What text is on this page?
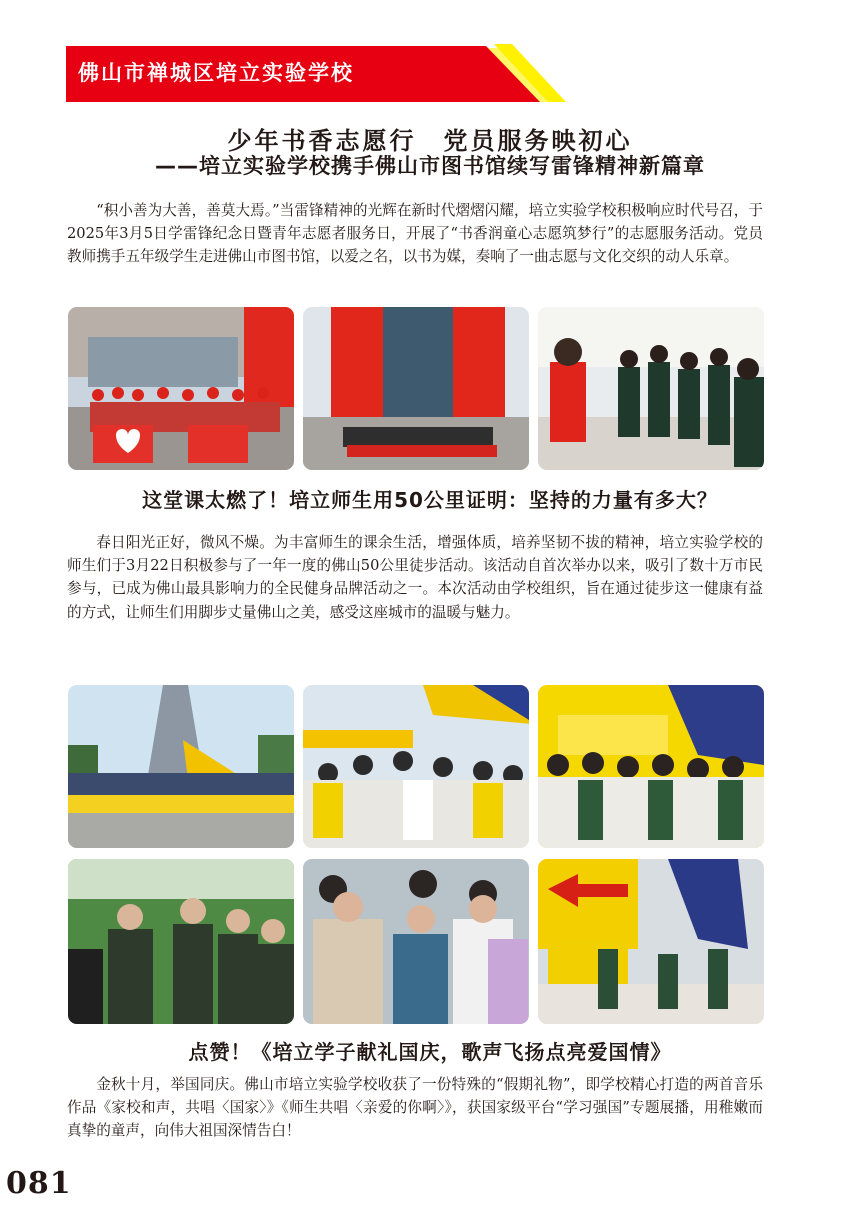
佛山市禅城区培立实验学校
少年书香志愿行　党员服务映初心
——培立实验学校携手佛山市图书馆续写雷锋精神新篇章

“积小善为大善，善莫大焉。”当雷锋精神的光辉在新时代熠熠闪耀，培立实验学校积极响应时代号召，于2025年3月5日学雷锋纪念日暨青年志愿者服务日，开展了“书香润童心志愿筑梦行”的志愿服务活动。党员教师携手五年级学生走进佛山市图书馆，以爱之名，以书为媒，奏响了一曲志愿与文化交织的动人乐章。

这堂课太燃了！培立师生用50公里证明：坚持的力量有多大？

春日阳光正好，微风不燥。为丰富师生的课余生活，增强体质，培养坚韧不拔的精神，培立实验学校的师生们于3月22日积极参与了一年一度的佛山50公里徒步活动。该活动自首次举办以来，吸引了数十万市民参与，已成为佛山最具影响力的全民健身品牌活动之一。本次活动由学校组织，旨在通过徒步这一健康有益的方式，让师生们用脚步丈量佛山之美，感受这座城市的温暖与魅力。

点赞！《培立学子献礼国庆，歌声飞扬点亮爱国情》

金秋十月，举国同庆。佛山市培立实验学校收获了一份特殊的“假期礼物”，即学校精心打造的两首音乐作品《家校和声，共唱〈国家〉》《师生共唱〈亲爱的你啊〉》，获国家级平台“学习强国”专题展播，用稚嫩而真挚的童声，向伟大祖国深情告白！

081
